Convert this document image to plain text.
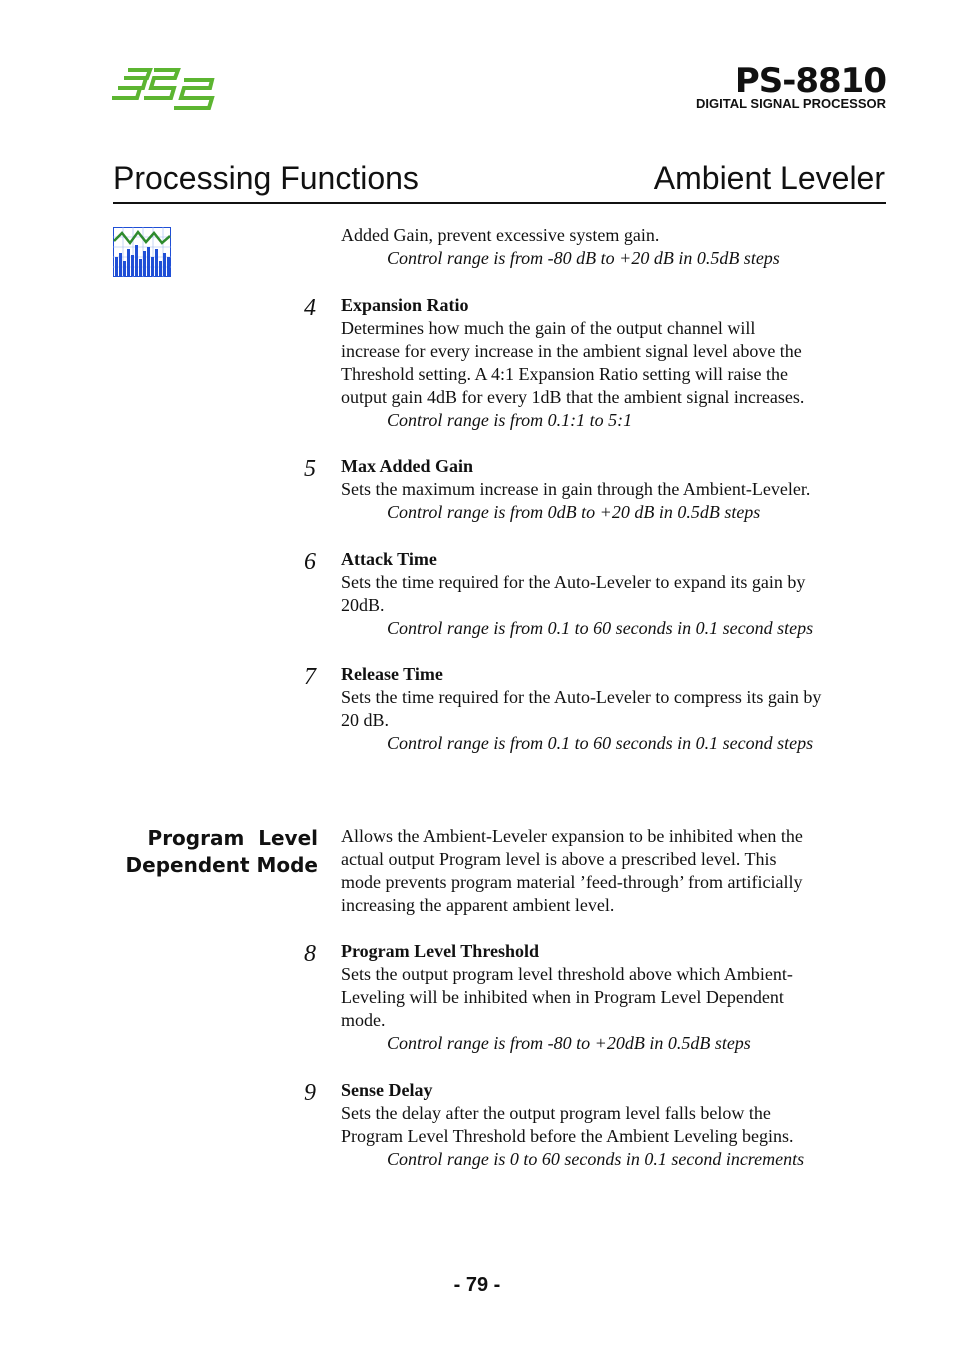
BSS	PS-8810
DIGITAL SIGNAL PROCESSOR
Processing Functions	Ambient Leveler
Added Gain, prevent excessive system gain.
Control range is from -80 dB to +20 dB in 0.5dB steps
4 Expansion Ratio
Determines how much the gain of the output channel will
increase for every increase in the ambient signal level above the
Threshold setting. A 4:1 Expansion Ratio setting will raise the
output gain 4dB for every 1dB that the ambient signal increases.
Control range is from 0.1:1 to 5:1
5 Max Added Gain
Sets the maximum increase in gain through the Ambient-Leveler.
Control range is from 0dB to +20 dB in 0.5dB steps
6 Attack Time
Sets the time required for the Auto-Leveler to expand its gain by
20dB.
Control range is from 0.1 to 60 seconds in 0.1 second steps
7 Release Time
Sets the time required for the Auto-Leveler to compress its gain by
20 dB.
Control range is from 0.1 to 60 seconds in 0.1 second steps
Program  Level
Dependent Mode
Allows the Ambient-Leveler expansion to be inhibited when the
actual output Program level is above a prescribed level. This
mode prevents program material ’feed-through’ from artificially
increasing the apparent ambient level.
8 Program Level Threshold
Sets the output program level threshold above which Ambient-
Leveling will be inhibited when in Program Level Dependent
mode.
Control range is from -80 to +20dB in 0.5dB steps
9 Sense Delay
Sets the delay after the output program level falls below the
Program Level Threshold before the Ambient Leveling begins.
Control range is 0 to 60 seconds in 0.1 second increments
- 79 -
